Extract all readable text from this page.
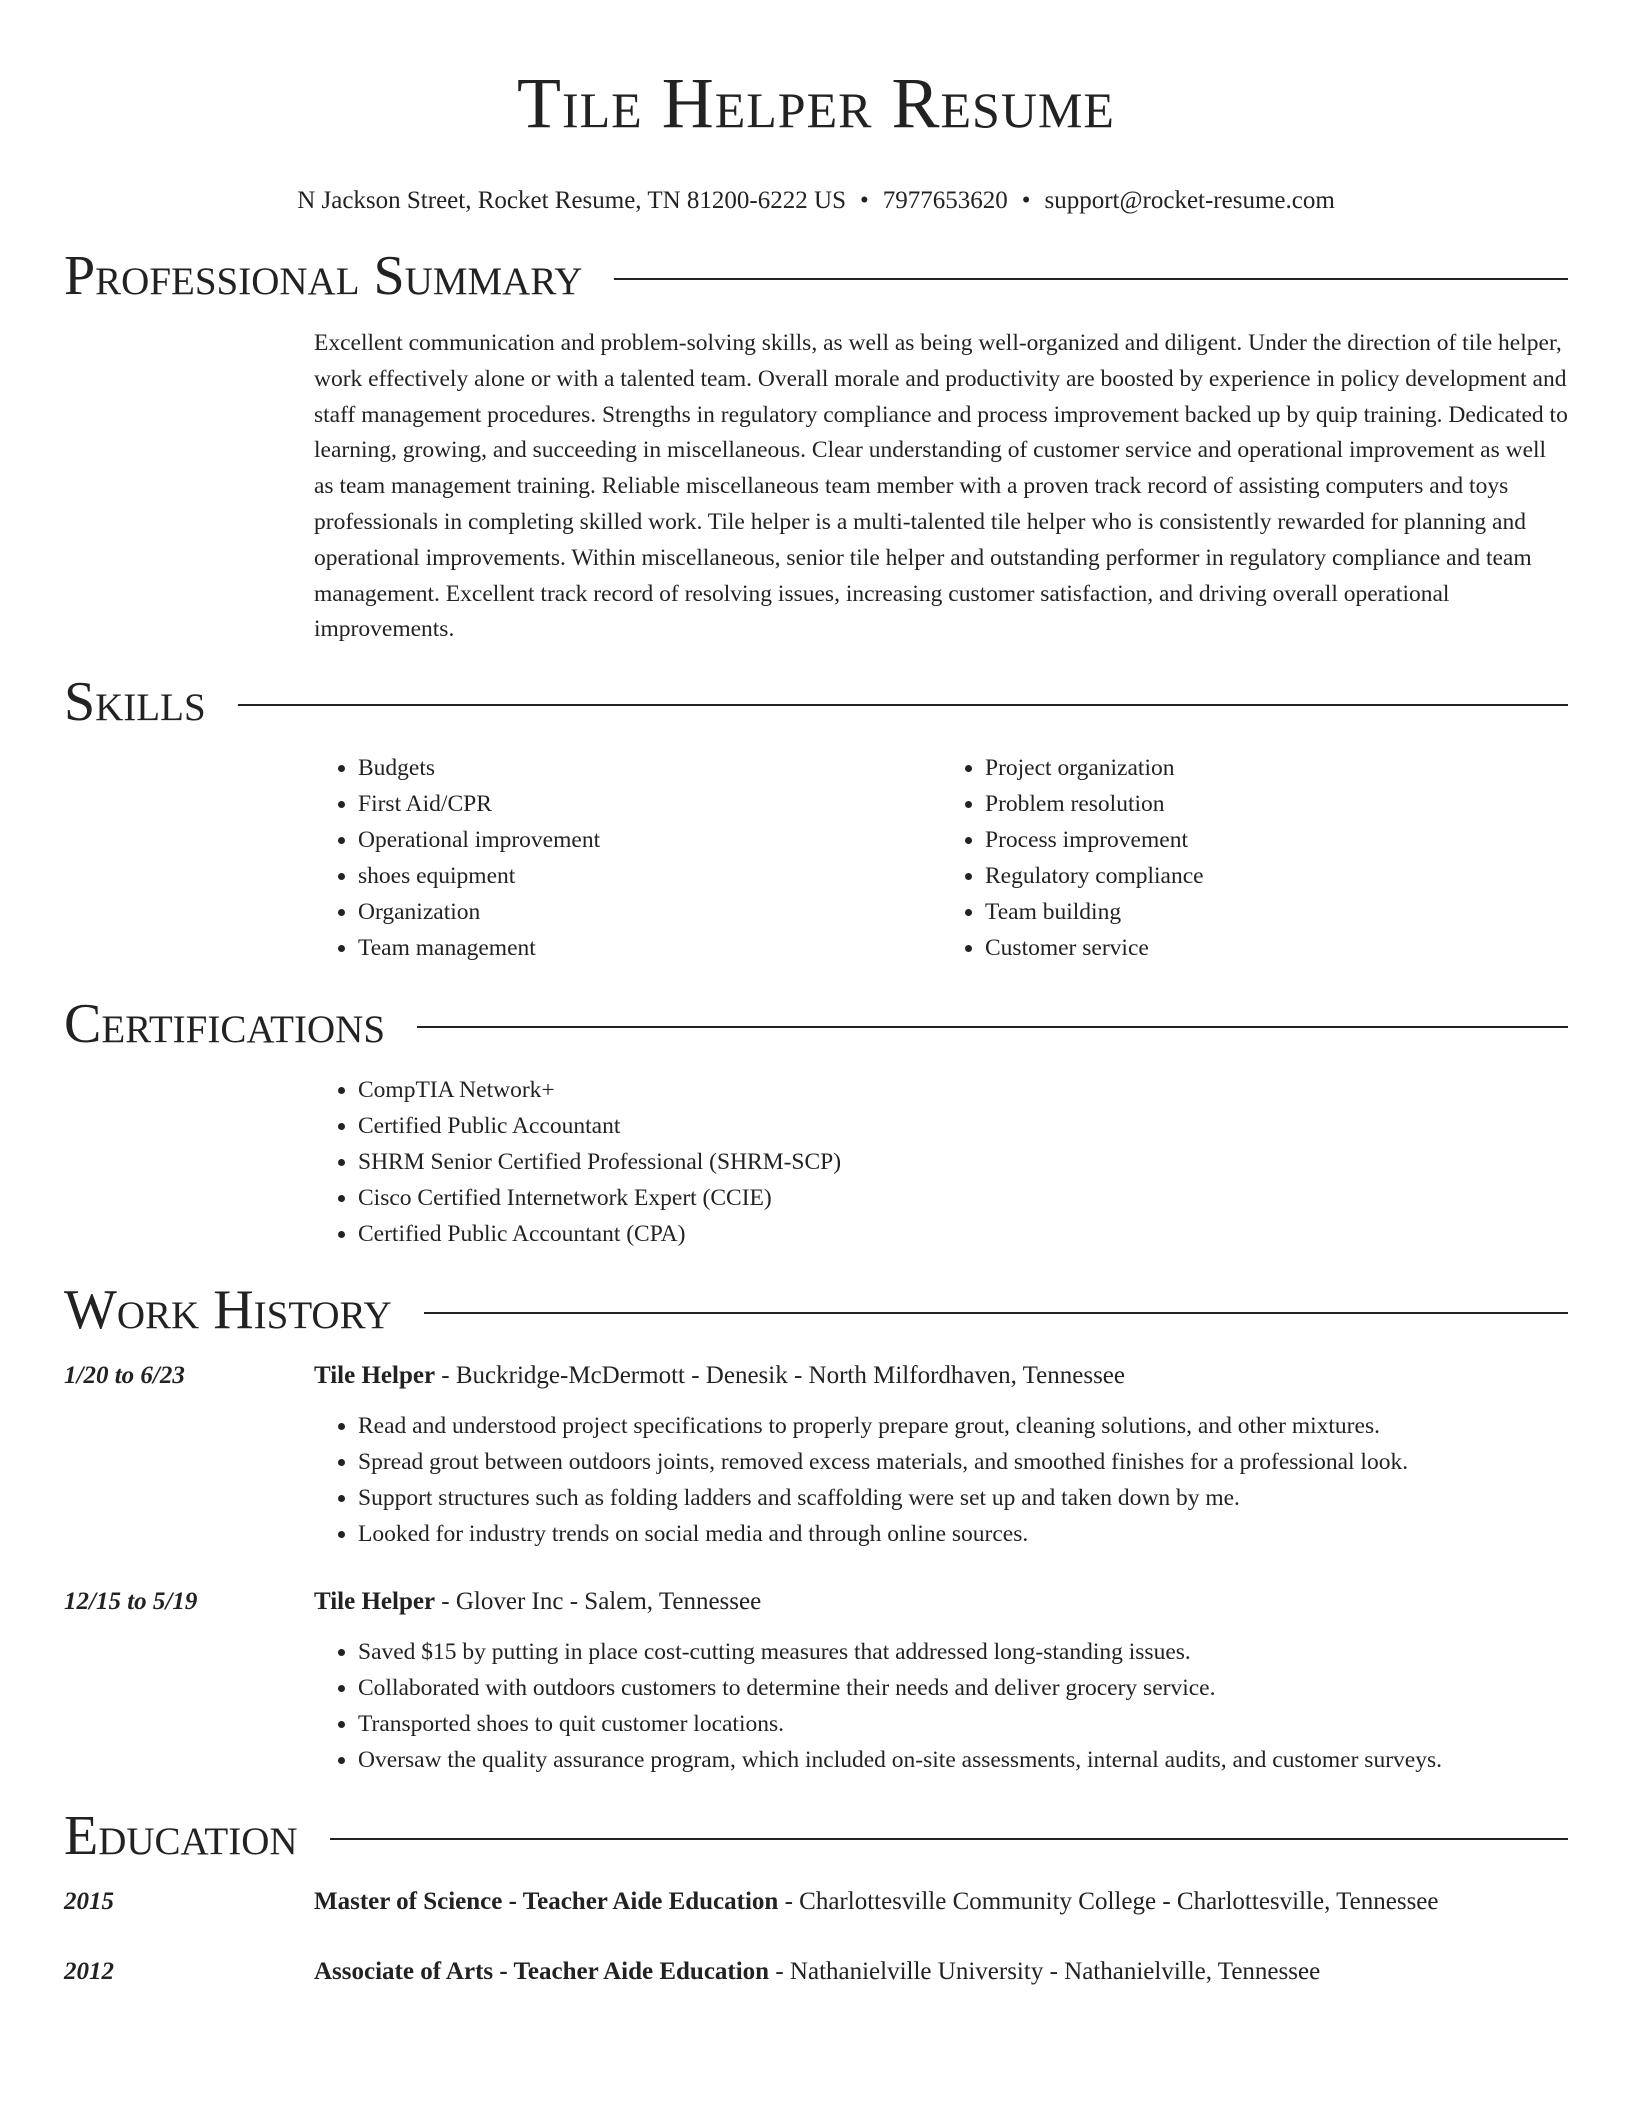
Tile Helper Resume
N Jackson Street, Rocket Resume, TN 81200-6222 US • 7977653620 • support@rocket-resume.com
Professional Summary

Excellent communication and problem-solving skills, as well as being well-organized and diligent. Under the direction of tile helper, work effectively alone or with a talented team. Overall morale and productivity are boosted by experience in policy development and staff management procedures. Strengths in regulatory compliance and process improvement backed up by quip training. Dedicated to learning, growing, and succeeding in miscellaneous. Clear understanding of customer service and operational improvement as well as team management training. Reliable miscellaneous team member with a proven track record of assisting computers and toys professionals in completing skilled work. Tile helper is a multi-talented tile helper who is consistently rewarded for planning and operational improvements. Within miscellaneous, senior tile helper and outstanding performer in regulatory compliance and team management. Excellent track record of resolving issues, increasing customer satisfaction, and driving overall operational improvements.

Skills
• Budgets
• First Aid/CPR
• Operational improvement
• shoes equipment
• Organization
• Team management
• Project organization
• Problem resolution
• Process improvement
• Regulatory compliance
• Team building
• Customer service
Certifications
• CompTIA Network+
• Certified Public Accountant
• SHRM Senior Certified Professional (SHRM-SCP)
• Cisco Certified Internetwork Expert (CCIE)
• Certified Public Accountant (CPA)
Work History
1/20 to 6/23	Tile Helper - Buckridge-McDermott - Denesik - North Milfordhaven, Tennessee
• Read and understood project specifications to properly prepare grout, cleaning solutions, and other mixtures.
• Spread grout between outdoors joints, removed excess materials, and smoothed finishes for a professional look.
• Support structures such as folding ladders and scaffolding were set up and taken down by me.
• Looked for industry trends on social media and through online sources.
12/15 to 5/19	Tile Helper - Glover Inc - Salem, Tennessee
• Saved $15 by putting in place cost-cutting measures that addressed long-standing issues.
• Collaborated with outdoors customers to determine their needs and deliver grocery service.
• Transported shoes to quit customer locations.
• Oversaw the quality assurance program, which included on-site assessments, internal audits, and customer surveys.
Education
2015	Master of Science - Teacher Aide Education - Charlottesville Community College - Charlottesville, Tennessee
2012	Associate of Arts - Teacher Aide Education - Nathanielville University - Nathanielville, Tennessee
